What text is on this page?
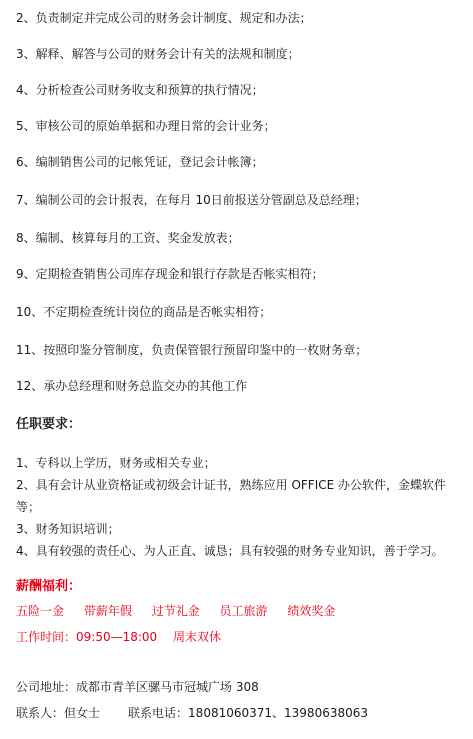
2、负责制定并完成公司的财务会计制度、规定和办法；
3、解释、解答与公司的财务会计有关的法规和制度；
4、分析检查公司财务收支和预算的执行情况；
5、审核公司的原始单据和办理日常的会计业务；
6、编制销售公司的记帐凭证，登记会计帐簿；
7、编制公司的会计报表，在每月 10日前报送分管副总及总经理；
8、编制、核算每月的工资、奖金发放表；
9、定期检查销售公司库存现金和银行存款是否帐实相符；
10、不定期检查统计岗位的商品是否帐实相符；
11、按照印鉴分管制度，负责保管银行预留印鉴中的一枚财务章；
12、承办总经理和财务总监交办的其他工作
任职要求：
1、专科以上学历，财务或相关专业；
2、具有会计从业资格证或初级会计证书，熟练应用 OFFICE 办公软件，金蝶软件等；
3、财务知识培训；
4、具有较强的责任心、为人正直、诚恳；具有较强的财务专业知识，善于学习。
薪酬福利：
五险一金 带薪年假 过节礼金 员工旅游 绩效奖金
工作时间：09:50—18:00 周末双休
公司地址：成都市青羊区骡马市冠城广场 308
联系人：但女士 联系电话：18081060371、13980638063
